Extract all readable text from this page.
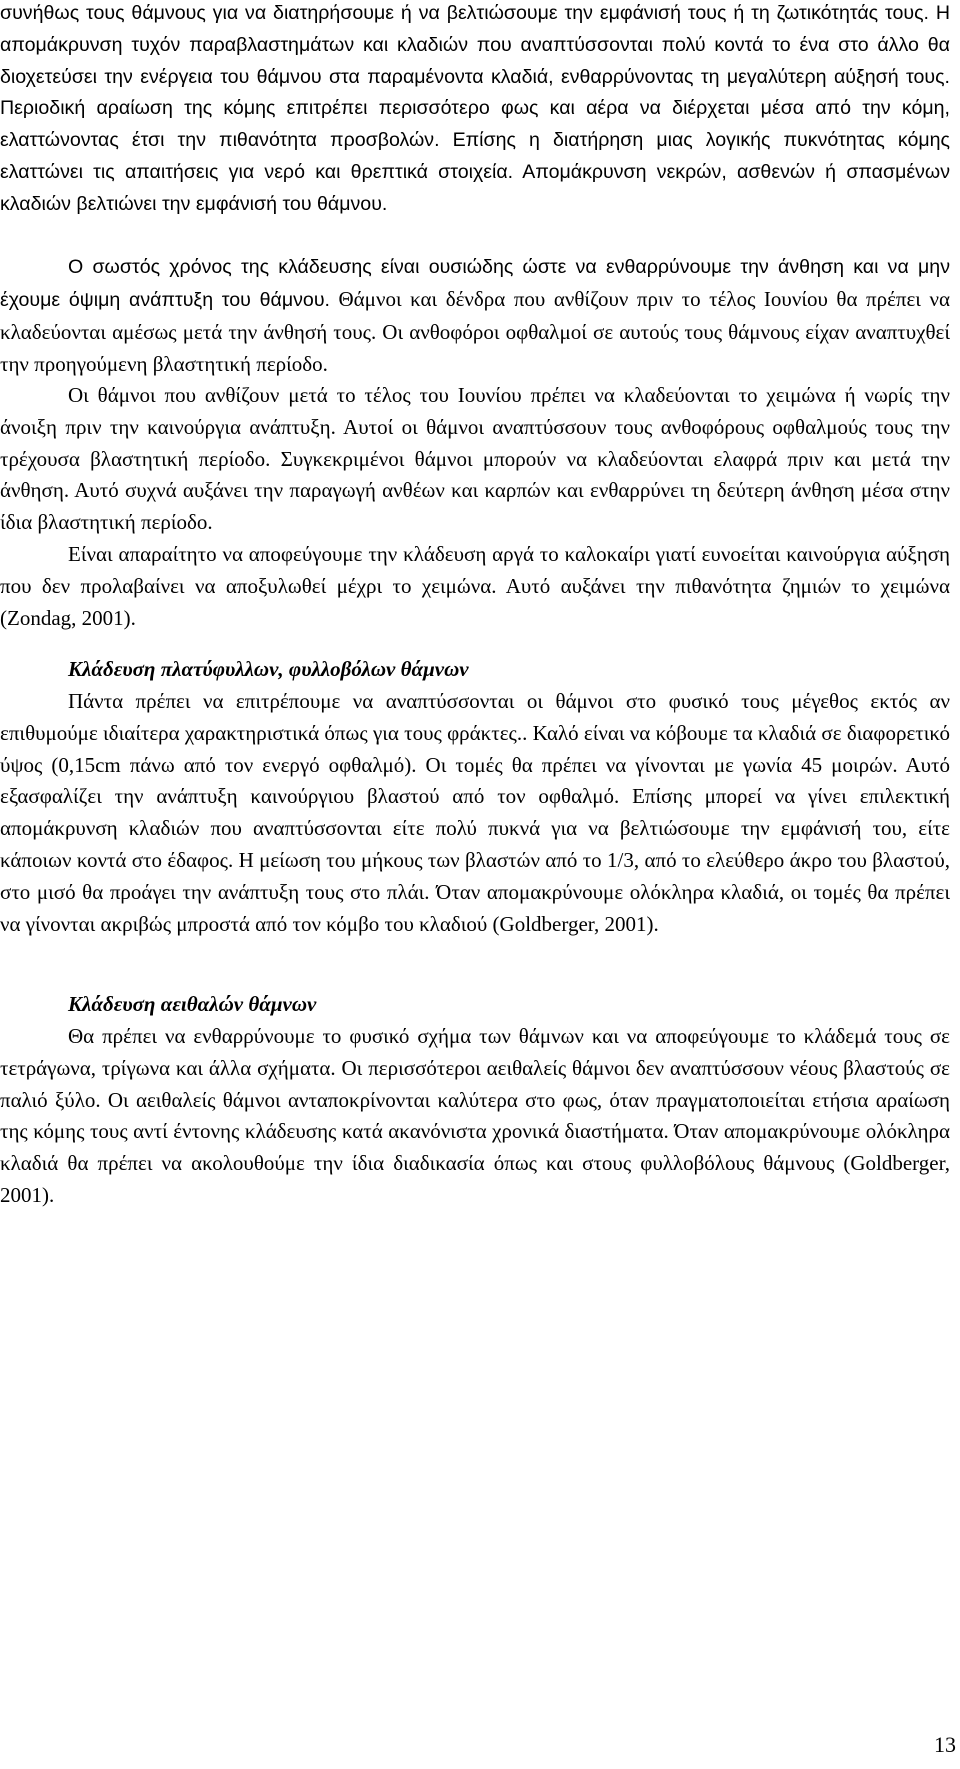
συνήθως τους θάμνους για να διατηρήσουμε ή να βελτιώσουμε την εμφάνισή τους ή τη ζωτικότητάς τους. Η απομάκρυνση τυχόν παραβλαστημάτων και κλαδιών που αναπτύσσονται πολύ κοντά το ένα στο άλλο θα διοχετεύσει την ενέργεια του θάμνου στα παραμένοντα κλαδιά, ενθαρρύνοντας τη μεγαλύτερη αύξησή τους. Περιοδική αραίωση της κόμης επιτρέπει περισσότερο φως και αέρα να διέρχεται μέσα από την κόμη, ελαττώνοντας έτσι την πιθανότητα προσβολών. Επίσης η διατήρηση μιας λογικής πυκνότητας κόμης ελαττώνει τις απαιτήσεις για νερό και θρεπτικά στοιχεία. Απομάκρυνση νεκρών, ασθενών ή σπασμένων κλαδιών βελτιώνει την εμφάνισή του θάμνου.

Ο σωστός χρόνος της κλάδευσης είναι ουσιώδης ώστε να ενθαρρύνουμε την άνθηση και να μην έχουμε όψιμη ανάπτυξη του θάμνου. Θάμνοι και δένδρα που ανθίζουν πριν το τέλος Ιουνίου θα πρέπει να κλαδεύονται αμέσως μετά την άνθησή τους. Οι ανθοφόροι οφθαλμοί σε αυτούς τους θάμνους είχαν αναπτυχθεί την προηγούμενη βλαστητική περίοδο.

Οι θάμνοι που ανθίζουν μετά το τέλος του Ιουνίου πρέπει να κλαδεύονται το χειμώνα ή νωρίς την άνοιξη πριν την καινούργια ανάπτυξη. Αυτοί οι θάμνοι αναπτύσσουν τους ανθοφόρους οφθαλμούς τους την τρέχουσα βλαστητική περίοδο. Συγκεκριμένοι θάμνοι μπορούν να κλαδεύονται ελαφρά πριν και μετά την άνθηση. Αυτό συχνά αυξάνει την παραγωγή ανθέων και καρπών και ενθαρρύνει τη δεύτερη άνθηση μέσα στην ίδια βλαστητική περίοδο.

Είναι απαραίτητο να αποφεύγουμε την κλάδευση αργά το καλοκαίρι γιατί ευνοείται καινούργια αύξηση που δεν προλαβαίνει να αποξυλωθεί μέχρι το χειμώνα. Αυτό αυξάνει την πιθανότητα ζημιών το χειμώνα (Zondag, 2001).

Κλάδευση πλατύφυλλων, φυλλοβόλων θάμνων

Πάντα πρέπει να επιτρέπουμε να αναπτύσσονται οι θάμνοι στο φυσικό τους μέγεθος εκτός αν επιθυμούμε ιδιαίτερα χαρακτηριστικά όπως για τους φράκτες.. Καλό είναι να κόβουμε τα κλαδιά σε διαφορετικό ύψος (0,15cm πάνω από τον ενεργό οφθαλμό). Οι τομές θα πρέπει να γίνονται με γωνία 45 μοιρών. Αυτό εξασφαλίζει την ανάπτυξη καινούργιου βλαστού από τον οφθαλμό. Επίσης μπορεί να γίνει επιλεκτική απομάκρυνση κλαδιών που αναπτύσσονται είτε πολύ πυκνά για να βελτιώσουμε την εμφάνισή του, είτε κάποιων κοντά στο έδαφος. Η μείωση του μήκους των βλαστών από το 1/3, από το ελεύθερο άκρο του βλαστού, στο μισό θα προάγει την ανάπτυξη τους στο πλάι. Όταν απομακρύνουμε ολόκληρα κλαδιά, οι τομές θα πρέπει να γίνονται ακριβώς μπροστά από τον κόμβο του κλαδιού (Goldberger, 2001).

Κλάδευση αειθαλών θάμνων

Θα πρέπει να ενθαρρύνουμε το φυσικό σχήμα των θάμνων και να αποφεύγουμε το κλάδεμά τους σε τετράγωνα, τρίγωνα και άλλα σχήματα. Οι περισσότεροι αειθαλείς θάμνοι δεν αναπτύσσουν νέους βλαστούς σε παλιό ξύλο. Οι αειθαλείς θάμνοι ανταποκρίνονται καλύτερα στο φως, όταν πραγματοποιείται ετήσια αραίωση της κόμης τους αντί έντονης κλάδευσης κατά ακανόνιστα χρονικά διαστήματα. Όταν απομακρύνουμε ολόκληρα κλαδιά θα πρέπει να ακολουθούμε την ίδια διαδικασία όπως και στους φυλλοβόλους θάμνους (Goldberger, 2001).

13
